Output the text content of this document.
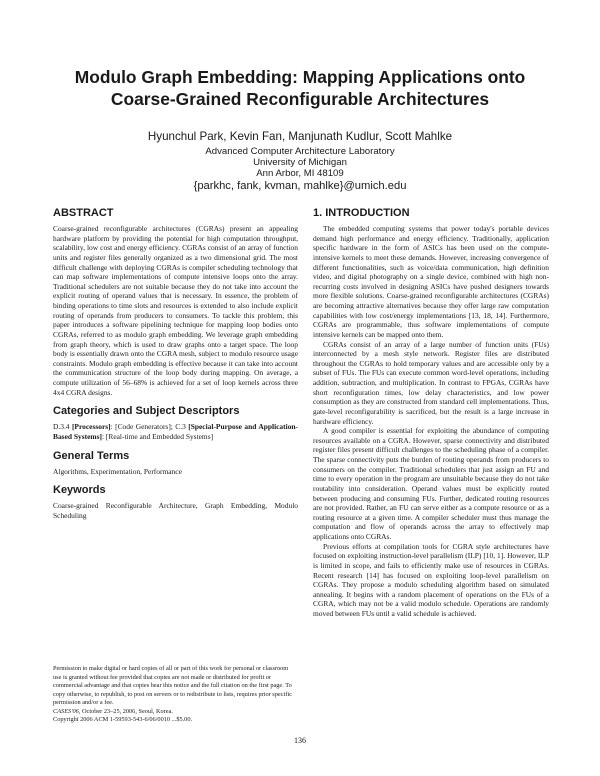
Modulo Graph Embedding: Mapping Applications onto
Coarse-Grained Reconfigurable Architectures
Hyunchul Park, Kevin Fan, Manjunath Kudlur, Scott Mahlke
Advanced Computer Architecture Laboratory
University of Michigan
Ann Arbor, MI 48109
{parkhc, fank, kvman, mahlke}@umich.edu
ABSTRACT

Coarse-grained reconfigurable architectures (CGRAs) present an appealing hardware platform by providing the potential for high computation throughput, scalability, low cost and energy efficiency. CGRAs consist of an array of function units and register files generally organized as a two dimensional grid. The most difficult challenge with deploying CGRAs is compiler scheduling technology that can map software implementations of compute intensive loops onto the array. Traditional schedulers are not suitable because they do not take into account the explicit routing of operand values that is necessary. In essence, the problem of binding operations to time slots and resources is extended to also include explicit routing of operands from producers to consumers. To tackle this problem, this paper introduces a software pipelining technique for mapping loop bodies onto CGRAs, referred to as modulo graph embedding. We leverage graph embedding from graph theory, which is used to draw graphs onto a target space. The loop body is essentially drawn onto the CGRA mesh, subject to modulo resource usage constraints. Modulo graph embedding is effective because it can take into account the communication structure of the loop body during mapping. On average, a compute utilization of 56–68% is achieved for a set of loop kernels across three 4x4 CGRA designs.

Categories and Subject Descriptors

D.3.4 [Processors]: [Code Generators]; C.3 [Special-Purpose and Application-Based Systems]: [Real-time and Embedded Systems]

General Terms

Algorithms, Experimentation, Performance

Keywords

Coarse-grained Reconfigurable Architecture, Graph Embedding, Modulo Scheduling

Permission to make digital or hard copies of all or part of this work for personal or classroom use is granted without fee provided that copies are not made or distributed for profit or commercial advantage and that copies bear this notice and the full citation on the first page. To copy otherwise, to republish, to post on servers or to redistribute to lists, requires prior specific permission and/or a fee.

CASES'06, October 23–25, 2006, Seoul, Korea.

Copyright 2006 ACM 1-59593-543-6/06/0010 ...$5.00.

1. INTRODUCTION

The embedded computing systems that power today's portable devices demand high performance and energy efficiency. Traditionally, application specific hardware in the form of ASICs has been used on the compute-intensive kernels to meet these demands. However, increasing convergence of different functionalities, such as voice/data communication, high definition video, and digital photography on a single device, combined with high non-recurring costs involved in designing ASICs have pushed designers towards more flexible solutions. Coarse-grained reconfigurable architectures (CGRAs) are becoming attractive alternatives because they offer large raw computation capabilities with low cost/energy implementations [13, 18, 14]. Furthermore, CGRAs are programmable, thus software implementations of compute intensive kernels can be mapped onto them.

CGRAs consist of an array of a large number of function units (FUs) interconnected by a mesh style network. Register files are distributed throughout the CGRAs to hold temporary values and are accessible only by a subset of FUs. The FUs can execute common word-level operations, including addition, subtraction, and multiplication. In contrast to FPGAs, CGRAs have short reconfiguration times, low delay characteristics, and low power consumption as they are constructed from standard cell implementations. Thus, gate-level reconfigurability is sacrificed, but the result is a large increase in hardware efficiency.

A good compiler is essential for exploiting the abundance of computing resources available on a CGRA. However, sparse connectivity and distributed register files present difficult challenges to the scheduling phase of a compiler. The sparse connectivity puts the burden of routing operands from producers to consumers on the compiler. Traditional schedulers that just assign an FU and time to every operation in the program are unsuitable because they do not take routability into consideration. Operand values must be explicitly routed between producing and consuming FUs. Further, dedicated routing resources are not provided. Rather, an FU can serve either as a compute resource or as a routing resource at a given time. A compiler scheduler must thus manage the computation and flow of operands across the array to effectively map applications onto CGRAs.

Previous efforts at compilation tools for CGRA style architectures have focused on exploiting instruction-level parallelism (ILP) [10, 1]. However, ILP is limited in scope, and fails to efficiently make use of resources in CGRAs. Recent research [14] has focused on exploiting loop-level parallelism on CGRAs. They propose a modulo scheduling algorithm based on simulated annealing. It begins with a random placement of operations on the FUs of a CGRA, which may not be a valid modulo schedule. Operations are randomly moved between FUs until a valid schedule is achieved.

136
